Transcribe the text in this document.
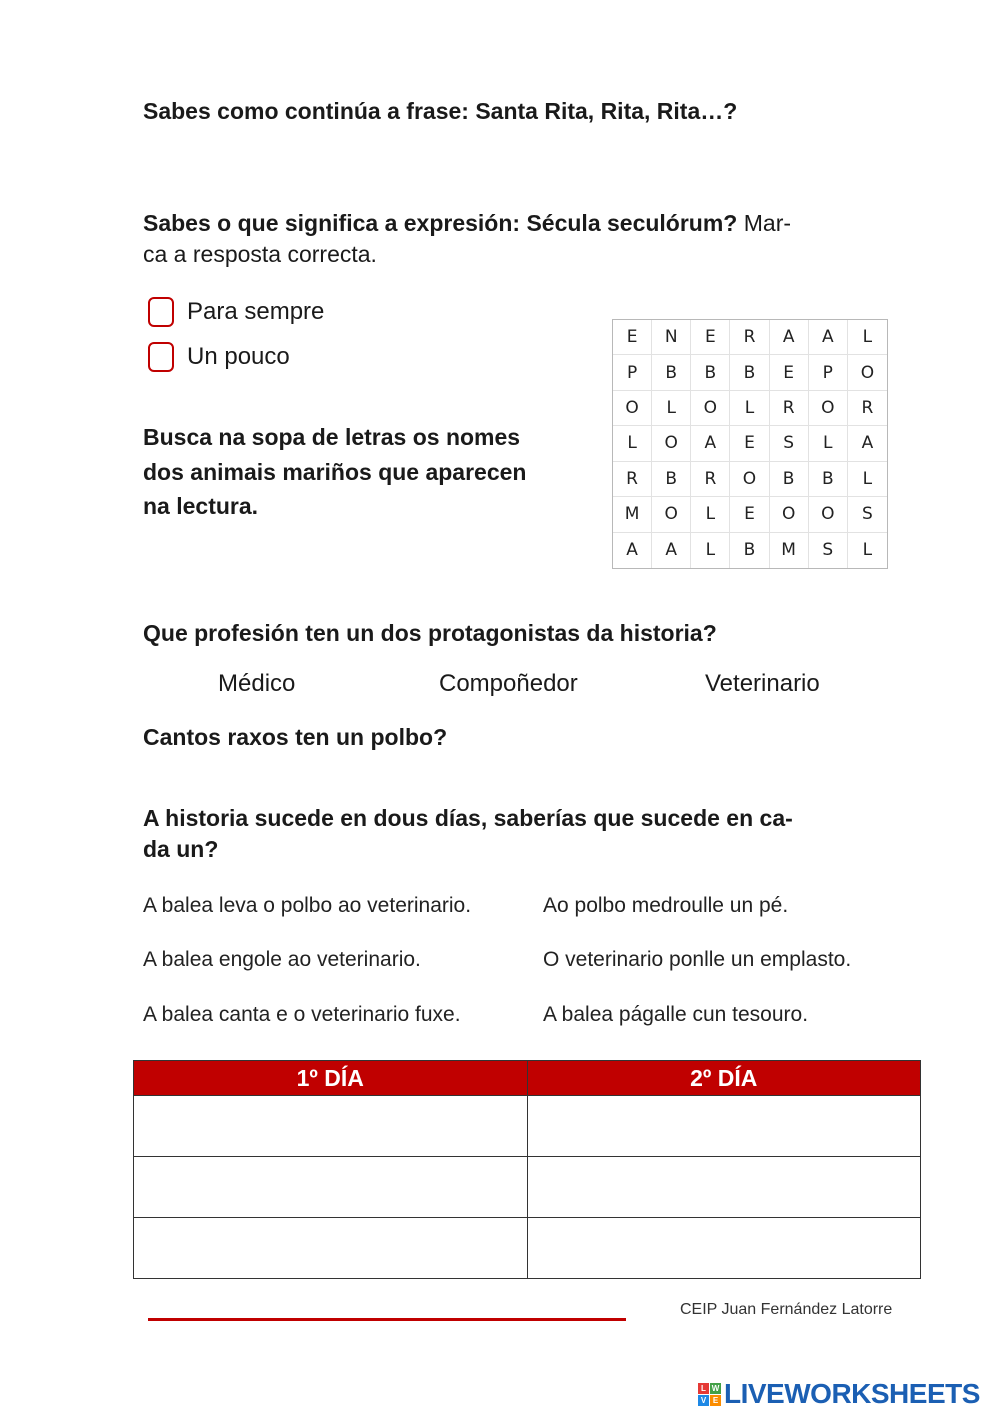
Sabes como continúa a frase: Santa Rita, Rita, Rita…?
Sabes o que significa a expresión: Sécula seculórum? Mar-
ca a resposta correcta.
Para sempre
Un pouco
Busca na sopa de letras os nomes
dos animais mariños que aparecen
na lectura.
E	N	E	R	A	A	L
P	B	B	B	E	P	O
O	L	O	L	R	O	R
L	O	A	E	S	L	A
R	B	R	O	B	B	L
M	O	L	E	O	O	S
A	A	L	B	M	S	L
Que profesión ten un dos protagonistas da historia?
Médico	Compoñedor	Veterinario
Cantos raxos ten un polbo?
A historia sucede en dous días, saberías que sucede en ca-
da un?
A balea leva o polbo ao veterinario.
A balea engole ao veterinario.
A balea canta e o veterinario fuxe.
Ao polbo medroulle un pé.
O veterinario ponlle un emplasto.
A balea págalle cun tesouro.
1º DÍA	2º DÍA

CEIP Juan Fernández Latorre
L W
V E LIVEWORKSHEETS
